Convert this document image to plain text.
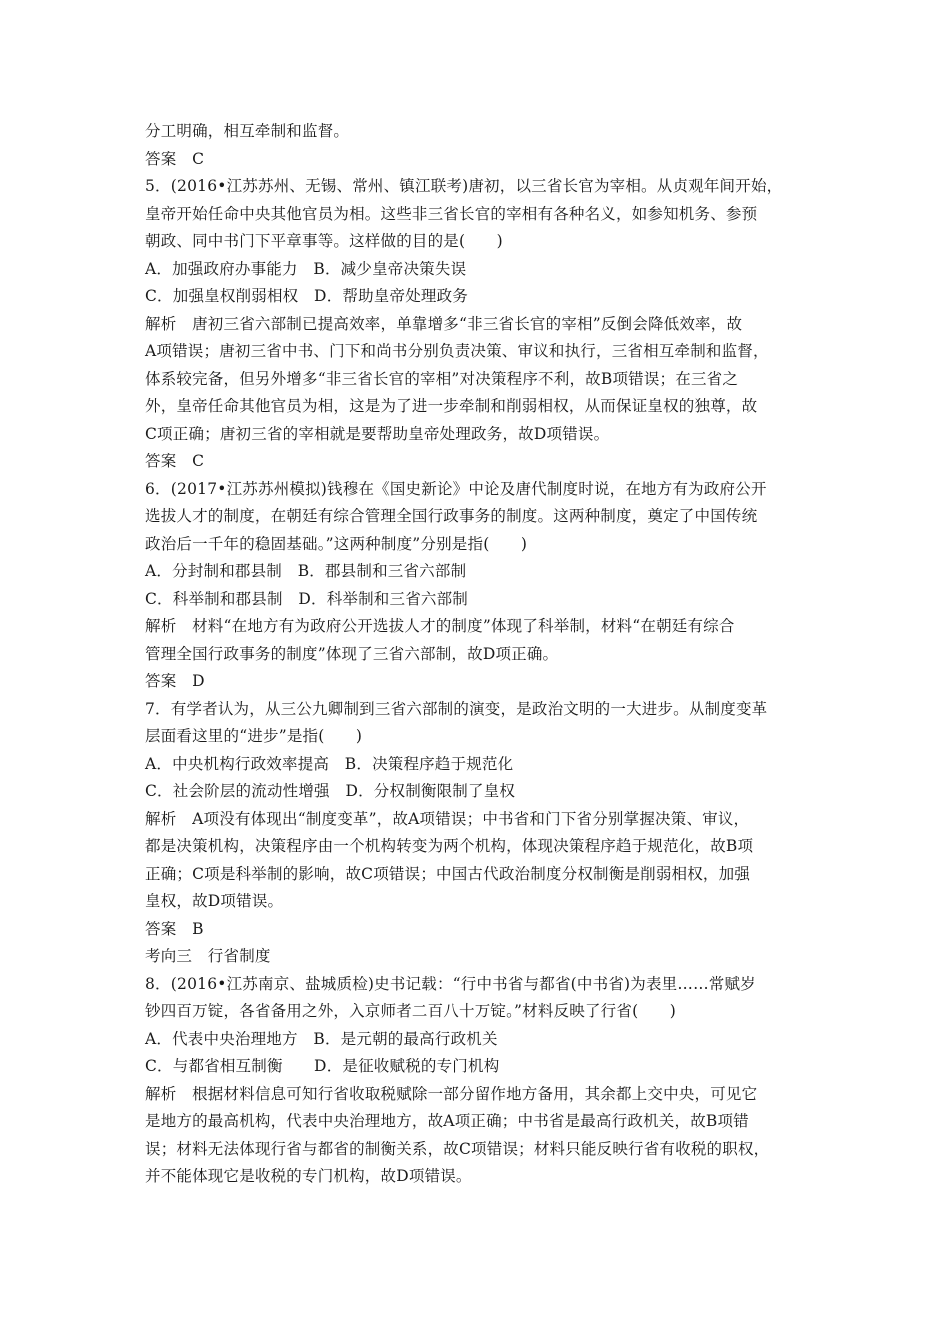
分工明确，相互牵制和监督。
答案　C
5．(2016•江苏苏州、无锡、常州、镇江联考)唐初，以三省长官为宰相。从贞观年间开始，
皇帝开始任命中央其他官员为相。这些非三省长官的宰相有各种名义，如参知机务、参预
朝政、同中书门下平章事等。这样做的目的是(　　)
A．加强政府办事能力　B．减少皇帝决策失误
C．加强皇权削弱相权　D．帮助皇帝处理政务
解析　唐初三省六部制已提高效率，单靠增多“非三省长官的宰相”反倒会降低效率，故
A项错误；唐初三省中书、门下和尚书分别负责决策、审议和执行，三省相互牵制和监督，
体系较完备，但另外增多“非三省长官的宰相”对决策程序不利，故B项错误；在三省之
外，皇帝任命其他官员为相，这是为了进一步牵制和削弱相权，从而保证皇权的独尊，故
C项正确；唐初三省的宰相就是要帮助皇帝处理政务，故D项错误。
答案　C
6．(2017•江苏苏州模拟)钱穆在《国史新论》中论及唐代制度时说，在地方有为政府公开
选拔人才的制度，在朝廷有综合管理全国行政事务的制度。这两种制度，奠定了中国传统
政治后一千年的稳固基础。”这两种制度”分别是指(　　)
A．分封制和郡县制　B．郡县制和三省六部制
C．科举制和郡县制　D．科举制和三省六部制
解析　材料“在地方有为政府公开选拔人才的制度”体现了科举制，材料“在朝廷有综合
管理全国行政事务的制度”体现了三省六部制，故D项正确。
答案　D
7．有学者认为，从三公九卿制到三省六部制的演变，是政治文明的一大进步。从制度变革
层面看这里的“进步”是指(　　)
A．中央机构行政效率提高　B．决策程序趋于规范化
C．社会阶层的流动性增强　D．分权制衡限制了皇权
解析　A项没有体现出“制度变革”，故A项错误；中书省和门下省分别掌握决策、审议，
都是决策机构，决策程序由一个机构转变为两个机构，体现决策程序趋于规范化，故B项
正确；C项是科举制的影响，故C项错误；中国古代政治制度分权制衡是削弱相权，加强
皇权，故D项错误。
答案　B
考向三　行省制度
8．(2016•江苏南京、盐城质检)史书记载：“行中书省与都省(中书省)为表里……常赋岁
钞四百万锭，各省备用之外，入京师者二百八十万锭。”材料反映了行省(　　)
A．代表中央治理地方　B．是元朝的最高行政机关
C．与都省相互制衡　　D．是征收赋税的专门机构
解析　根据材料信息可知行省收取税赋除一部分留作地方备用，其余都上交中央，可见它
是地方的最高机构，代表中央治理地方，故A项正确；中书省是最高行政机关，故B项错
误；材料无法体现行省与都省的制衡关系，故C项错误；材料只能反映行省有收税的职权，
并不能体现它是收税的专门机构，故D项错误。
